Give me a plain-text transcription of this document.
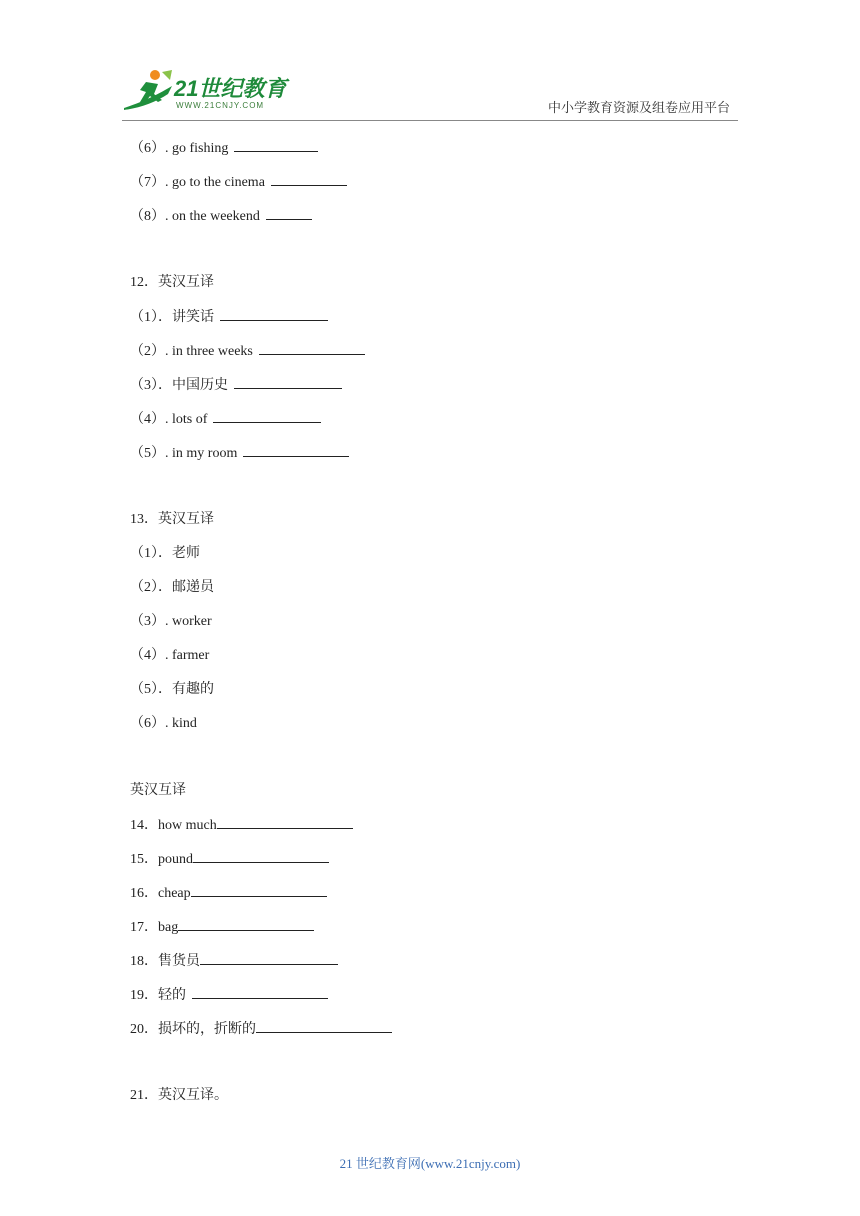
21世纪教育
WWW.21CNJY.COM	中小学教育资源及组卷应用平台
（6）. go fishing
（7）. go to the cinema
（8）. on the weekend
12．英汉互译
（1）．讲笑话
（2）. in three weeks
（3）．中国历史
（4）. lots of
（5）. in my room
13．英汉互译
（1）．老师
（2）．邮递员
（3）. worker
（4）. farmer
（5）．有趣的
（6）. kind
英汉互译
14．how much
15．pound
16．cheap
17．bag
18．售货员
19．轻的
20．损坏的，折断的
21．英汉互译。
21 世纪教育网(www.21cnjy.com)
